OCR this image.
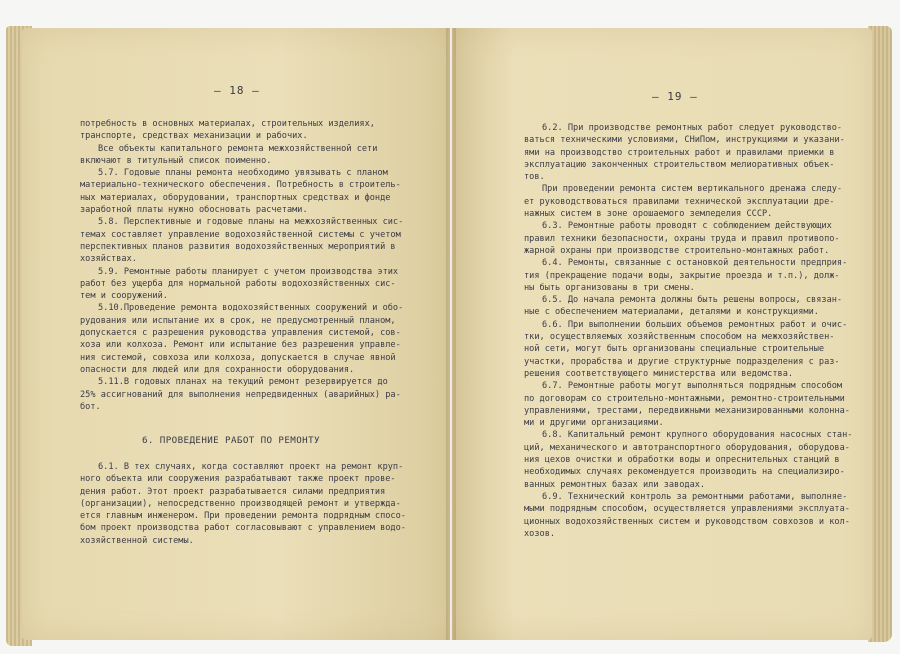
— 18 —

потребность в основных материалах, строительных изделиях,

транспорте, средствах механизации и рабочих.

Все объекты капитального ремонта межхозяйственной сети

включают в титульный список поименно.

5.7. Годовые планы ремонта необходимо увязывать с планом

материально-технического обеспечения. Потребность в строитель-

ных материалах, оборудовании, транспортных средствах и фонде

заработной платы нужно обосновать расчетами.

5.8. Перспективные и годовые планы на межхозяйственных сис-

темах составляет управление водохозяйственной системы с учетом

перспективных планов развития водохозяйственных мероприятий в

хозяйствах.

5.9. Ремонтные работы планирует с учетом производства этих

работ без ущерба для нормальной работы водохозяйственных сис-

тем и сооружений.

5.10.Проведение ремонта водохозяйственных сооружений и обо-

рудования или испытание их в срок, не предусмотренный планом,

допускается с разрешения руководства управления системой, сов-

хоза или колхоза. Ремонт или испытание без разрешения управле-

ния системой, совхоза или колхоза, допускается в случае явной

опасности для людей или для сохранности оборудования.

5.11.В годовых планах на текущий ремонт резервируется до

25% ассигнований для выполнения непредвиденных (аварийных) ра-

бот.

6. ПРОВЕДЕНИЕ РАБОТ ПО РЕМОНТУ

6.1. В тех случаях, когда составляют проект на ремонт круп-

ного объекта или сооружения разрабатывают также проект прове-

дения работ. Этот проект разрабатывается силами предприятия

(организации), непосредственно производящей ремонт и утвержда-

ется главным инженером. При проведении ремонта подрядным спосо-

бом проект производства работ согласовывают с управлением водо-

хозяйственной системы.

— 19 —

6.2. При производстве ремонтных работ следует руководство-

ваться техническими условиями, СНиПом, инструкциями и указани-

ями на производство строительных работ и правилами приемки в

эксплуатацию законченных строительством мелиоративных объек-

тов.

При проведении ремонта систем вертикального дренажа следу-

ет руководствоваться правилами технической эксплуатации дре-

нажных систем в зоне орошаемого земледелия СССР.

6.3. Ремонтные работы проводят с соблюдением действующих

правил техники безопасности, охраны труда и правил противопо-

жарной охраны при производстве строительно-монтажных работ.

6.4. Ремонты, связанные с остановкой деятельности предприя-

тия (прекращение подачи воды, закрытие проезда и т.п.), долж-

ны быть организованы в три смены.

6.5. До начала ремонта должны быть решены вопросы, связан-

ные с обеспечением материалами, деталями и конструкциями.

6.6. При выполнении больших объемов ремонтных работ и очис-

тки, осуществляемых хозяйственным способом на межхозяйствен-

ной сети, могут быть организованы специальные строительные

участки, прорабства и другие структурные подразделения с раз-

решения соответствующего министерства или ведомства.

6.7. Ремонтные работы могут выполняться подрядным способом

по договорам со строительно-монтажными, ремонтно-строительными

управлениями, трестами, передвижными механизированными колонна-

ми и другими организациями.

6.8. Капитальный ремонт крупного оборудования насосных стан-

ций, механического и автотранспортного оборудования, оборудова-

ния цехов очистки и обработки воды и опреснительных станций в

необходимых случаях рекомендуется производить на специализиро-

ванных ремонтных базах или заводах.

6.9. Технический контроль за ремонтными работами, выполняе-

мыми подрядным способом, осуществляется управлениями эксплуата-

ционных водохозяйственных систем и руководством совхозов и кол-

хозов.
